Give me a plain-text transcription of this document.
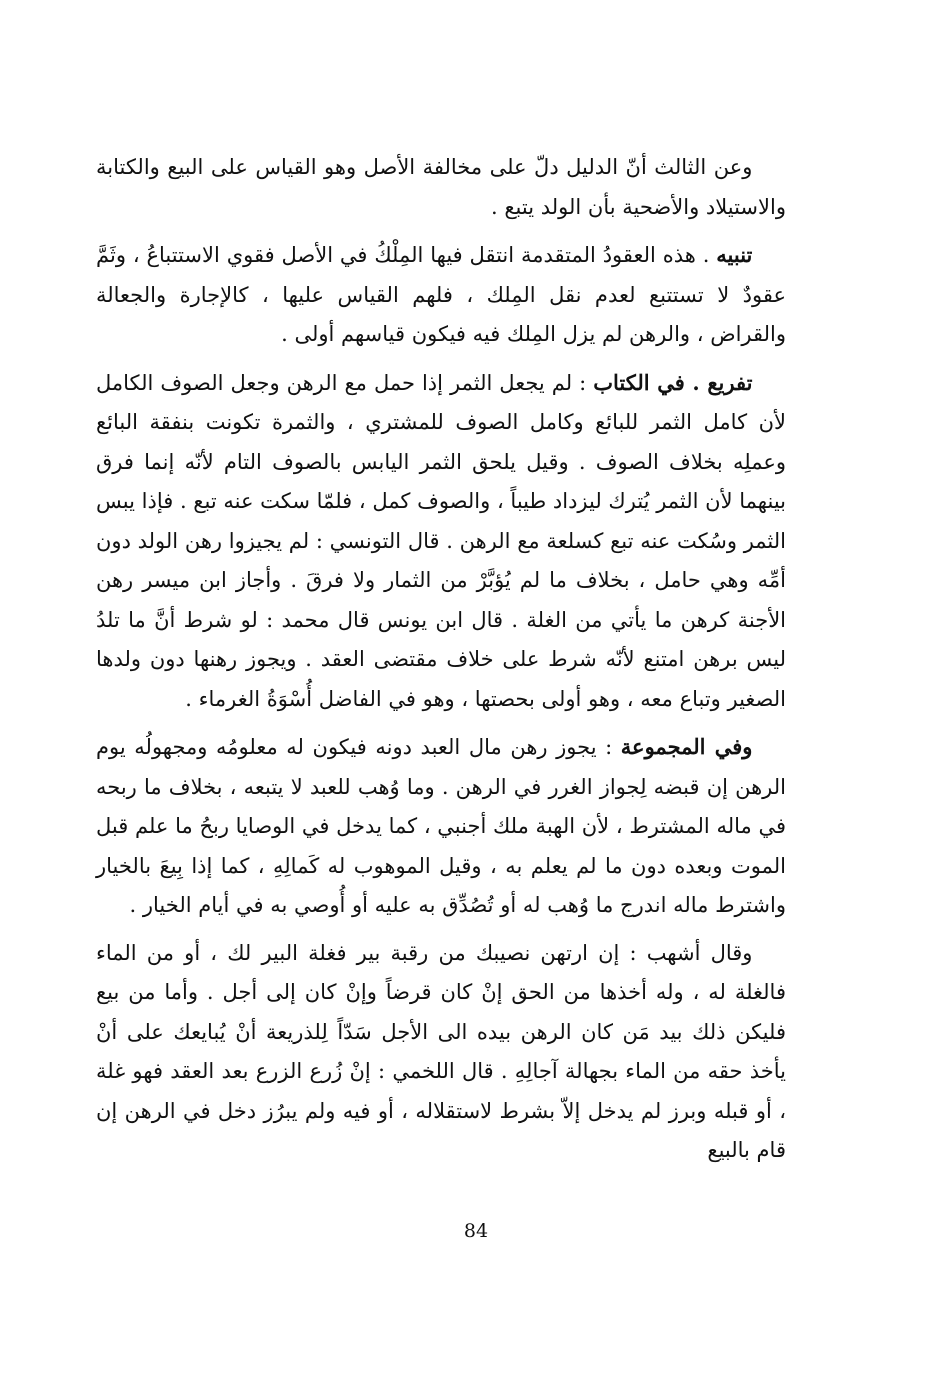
وعن الثالث أنّ الدليل دلّ على مخالفة الأصل وهو القياس على البيع والكتابة والاستيلاد والأضحية بأن الولد يتبع .

تنبيه . هذه العقودُ المتقدمة انتقل فيها المِلْكُ في الأصل فقوي الاستتباعُ ، وثَمَّ عقودٌ لا تستتبع لعدم نقل المِلك ، فلهم القياس عليها ، كالإجارة والجعالة والقراض ، والرهن لم يزل المِلك فيه فيكون قياسهم أولى .

تفريع . في الكتاب : لم يجعل الثمر إذا حمل مع الرهن وجعل الصوف الكامل لأن كامل الثمر للبائع وكامل الصوف للمشتري ، والثمرة تكونت بنفقة البائع وعملِه بخلاف الصوف . وقيل يلحق الثمر اليابس بالصوف التام لأنّه إنما فرق بينهما لأن الثمر يُترك ليزداد طيباً ، والصوف كمل ، فلمّا سكت عنه تبع . فإذا يبس الثمر وسُكت عنه تبع كسلعة مع الرهن . قال التونسي : لم يجيزوا رهن الولد دون أمِّه وهي حامل ، بخلاف ما لم يُؤبَّرْ من الثمار ولا فرقَ . وأجاز ابن ميسر رهن الأجنة كرهن ما يأتي من الغلة . قال ابن يونس قال محمد : لو شرط أنَّ ما تلدُ ليس برهن امتنع لأنّه شرط على خلاف مقتضى العقد . ويجوز رهنها دون ولدها الصغير وتباع معه ، وهو أولى بحصتها ، وهو في الفاضل أُسْوَةُ الغرماء .

وفي المجموعة : يجوز رهن مال العبد دونه فيكون له معلومُه ومجهولُه يوم الرهن إن قبضه لِجواز الغرر في الرهن . وما وُهب للعبد لا يتبعه ، بخلاف ما ربحه في ماله المشترط ، لأن الهبة ملك أجنبي ، كما يدخل في الوصايا ربحُ ما علم قبل الموت وبعده دون ما لم يعلم به ، وقيل الموهوب له كَمالِهِ ، كما إذا بِيعَ بالخيار واشترط ماله اندرج ما وُهب له أو تُصُدِّق به عليه أو أُوصي به في أيام الخيار .

وقال أشهب : إن ارتهن نصيبك من رقبة بير فغلة البير لك ، أو من الماء فالغلة له ، وله أخذها من الحق إنْ كان قرضاً وإنْ كان إلى أجل . وأما من بيع فليكن ذلك بيد مَن كان الرهن بيده الى الأجل سَدّاً لِلذريعة أنْ يُبايعك على أنْ يأخذ حقه من الماء بجهالة آجالِهِ . قال اللخمي : إنْ زُرع الزرع بعد العقد فهو غلة ، أو قبله وبرز لم يدخل إلاّ بشرط لاستقلاله ، أو فيه ولم يبرُز دخل في الرهن إن قام بالبيع

84
